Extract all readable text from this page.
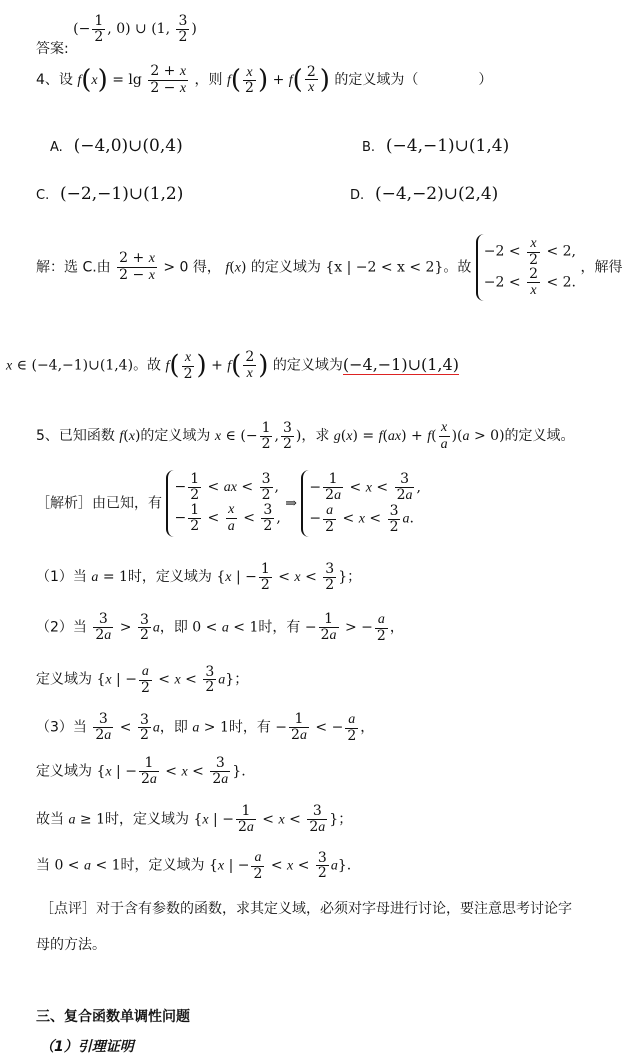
答案: (− $\frac{1}{2}$ , 0) ∪ (1, $\frac{3}{2}$ )
4、设 $f(x) = \lg \frac{2 + x}{2 - x}$ ，则 $f( \frac{x}{2}$ ) + $f( \frac{2}{x}$ ) 的定义域为（	）
A. (−4,0)∪(0,4)	B. (−4,−1)∪(1,4)
C. (−2,−1)∪(1,2)	D. (−4,−2)∪(2,4)
解：选 C.由 $\frac{2 + x}{2 - x} > 0$ 得， f(x) 的定义域为 {x | −2 < x < 2}。故
$-2 < \frac{x}{2} < 2$,
$-2 < \frac{2}{x} < 2$.
，解得
x ∈ (−4,−1)∪(1,4)。故 $f( \frac{x}{2}$ ) + $f( \frac{2}{x}$ ) 的定义域为(−4,−1)∪(1,4)
5、已知函数 f(x)的定义域为 x ∈ (− $\frac{1}{2}$ , $\frac{3}{2}$ )，求 $g(x) = f(ax) + f( \frac{x}{a} )(a > 0)$的定义域。
［解析］由已知，有
− $\frac{1}{2}$ < ax < $\frac{3}{2}$ ,
− $\frac{1}{2} < \frac{x}{a} < \frac{3}{2}$ ,
⇒
− $\frac{1}{2a} < x < \frac{3}{2a}$ ,
− $\frac{a}{2} < x < \frac{3}{2} a$.
（1）当 a = 1时，定义域为 {x | − $\frac{1}{2} < x < \frac{3}{2}$ }；
（2）当 $\frac{3}{2a} > \frac{3}{2}$ a，即 0 < a < 1时，有 − $\frac{1}{2a}$ > − $\frac{a}{2}$ ，
定义域为 {x | − $\frac{a}{2} < x < \frac{3}{2} a$}；
（3）当 $\frac{3}{2a} < \frac{3}{2}$ a，即 a > 1时，有 − $\frac{1}{2a}$ < − $\frac{a}{2}$ ，
定义域为 {x | − $\frac{1}{2a} < x < \frac{3}{2a}$ }.
故当 a ≥ 1时，定义域为 {x | − $\frac{1}{2a} < x < \frac{3}{2a}$ }；
当 0 < a < 1时，定义域为 {x | − $\frac{a}{2} < x < \frac{3}{2} a$}.
［点评］对于含有参数的函数，求其定义域，必须对字母进行讨论，要注意思考讨论字
母的方法。
三、复合函数单调性问题
（1）引理证明
